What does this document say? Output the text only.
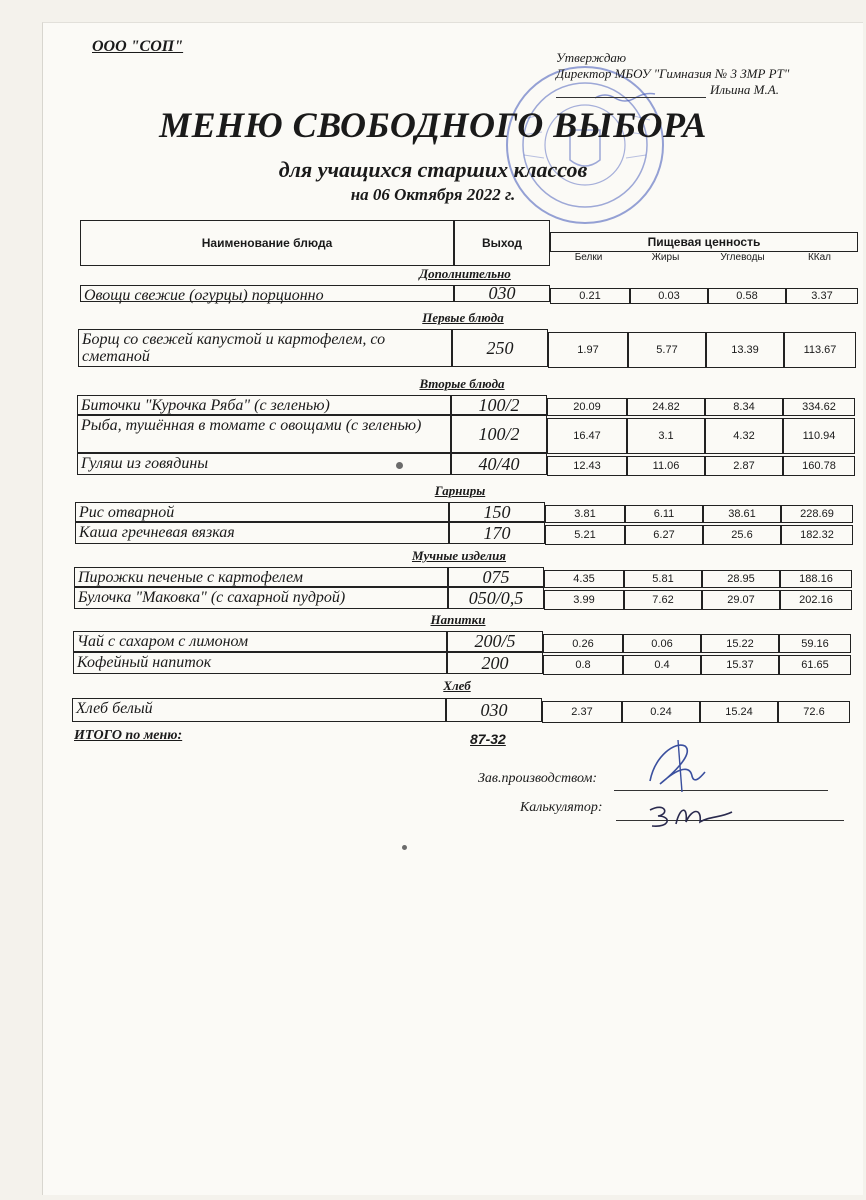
ООО "СОП"
Утверждаю
Директор МБОУ "Гимназия № 3 ЗМР РТ"
Ильина М.А.
МЕНЮ СВОБОДНОГО ВЫБОРА
для учащихся старших классов
на 06 Октября 2022 г.
Наименование блюда	Выход	Пищевая ценность
Белки	Жиры	Углеводы	ККал
Дополнительно
Овощи свежие (огурцы) порционно	030	0.21	0.03	0.58	3.37
Первые блюда
Борщ со свежей капустой и картофелем, со сметаной	250	1.97	5.77	13.39	113.67
Вторые блюда
Биточки "Курочка Ряба" (с зеленью)	100/2	20.09	24.82	8.34	334.62
Рыба, тушённая в томате с овощами (с зеленью)	100/2	16.47	3.1	4.32	110.94
Гуляш из говядины	40/40	12.43	11.06	2.87	160.78
Гарниры
Рис отварной	150	3.81	6.11	38.61	228.69
Каша гречневая вязкая	170	5.21	6.27	25.6	182.32
Мучные изделия
Пирожки печеные с картофелем	075	4.35	5.81	28.95	188.16
Булочка "Маковка" (с сахарной пудрой)	050/0,5	3.99	7.62	29.07	202.16
Напитки
Чай с сахаром с лимоном	200/5	0.26	0.06	15.22	59.16
Кофейный напиток	200	0.8	0.4	15.37	61.65
Хлеб
Хлеб белый	030	2.37	0.24	15.24	72.6
ИТОГО по меню:	87-32
Зав.производством:
Калькулятор:
